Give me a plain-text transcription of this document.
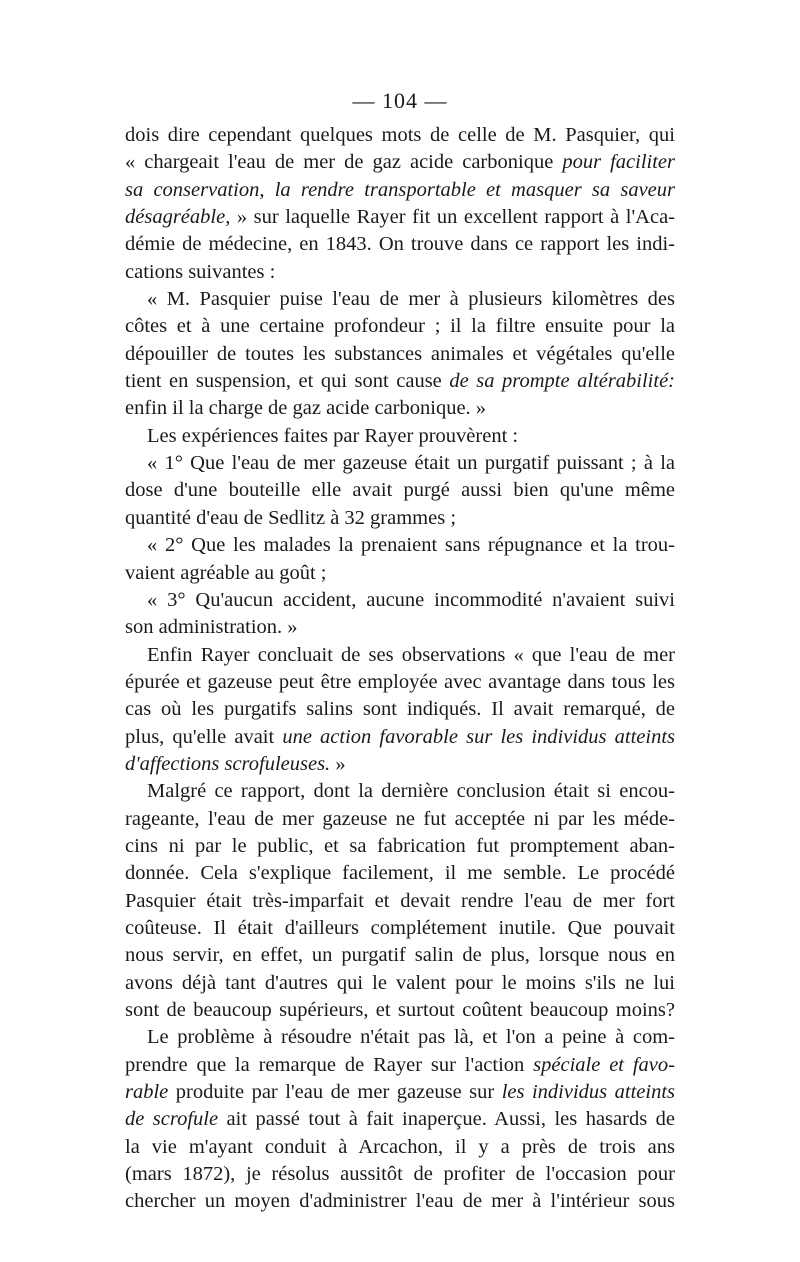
— 104 —
dois dire cependant quelques mots de celle de M. Pasquier, qui
« chargeait l'eau de mer de gaz acide carbonique pour faciliter
sa conservation, la rendre transportable et masquer sa saveur
désagréable, » sur laquelle Rayer fit un excellent rapport à l'Aca-
démie de médecine, en 1843. On trouve dans ce rapport les indi-
cations suivantes :
« M. Pasquier puise l'eau de mer à plusieurs kilomètres des
côtes et à une certaine profondeur ; il la filtre ensuite pour la
dépouiller de toutes les substances animales et végétales qu'elle
tient en suspension, et qui sont cause de sa prompte altérabilité:
enfin il la charge de gaz acide carbonique. »
Les expériences faites par Rayer prouvèrent :
« 1° Que l'eau de mer gazeuse était un purgatif puissant ; à la
dose d'une bouteille elle avait purgé aussi bien qu'une même
quantité d'eau de Sedlitz à 32 grammes ;
« 2° Que les malades la prenaient sans répugnance et la trou-
vaient agréable au goût ;
« 3° Qu'aucun accident, aucune incommodité n'avaient suivi
son administration. »
Enfin Rayer concluait de ses observations « que l'eau de mer
épurée et gazeuse peut être employée avec avantage dans tous les
cas où les purgatifs salins sont indiqués. Il avait remarqué, de
plus, qu'elle avait une action favorable sur les individus atteints
d'affections scrofuleuses. »
Malgré ce rapport, dont la dernière conclusion était si encou-
rageante, l'eau de mer gazeuse ne fut acceptée ni par les méde-
cins ni par le public, et sa fabrication fut promptement aban-
donnée. Cela s'explique facilement, il me semble. Le procédé
Pasquier était très-imparfait et devait rendre l'eau de mer fort
coûteuse. Il était d'ailleurs complétement inutile. Que pouvait
nous servir, en effet, un purgatif salin de plus, lorsque nous en
avons déjà tant d'autres qui le valent pour le moins s'ils ne lui
sont de beaucoup supérieurs, et surtout coûtent beaucoup moins?
Le problème à résoudre n'était pas là, et l'on a peine à com-
prendre que la remarque de Rayer sur l'action spéciale et favo-
rable produite par l'eau de mer gazeuse sur les individus atteints
de scrofule ait passé tout à fait inaperçue. Aussi, les hasards de
la vie m'ayant conduit à Arcachon, il y a près de trois ans
(mars 1872), je résolus aussitôt de profiter de l'occasion pour
chercher un moyen d'administrer l'eau de mer à l'intérieur sous
